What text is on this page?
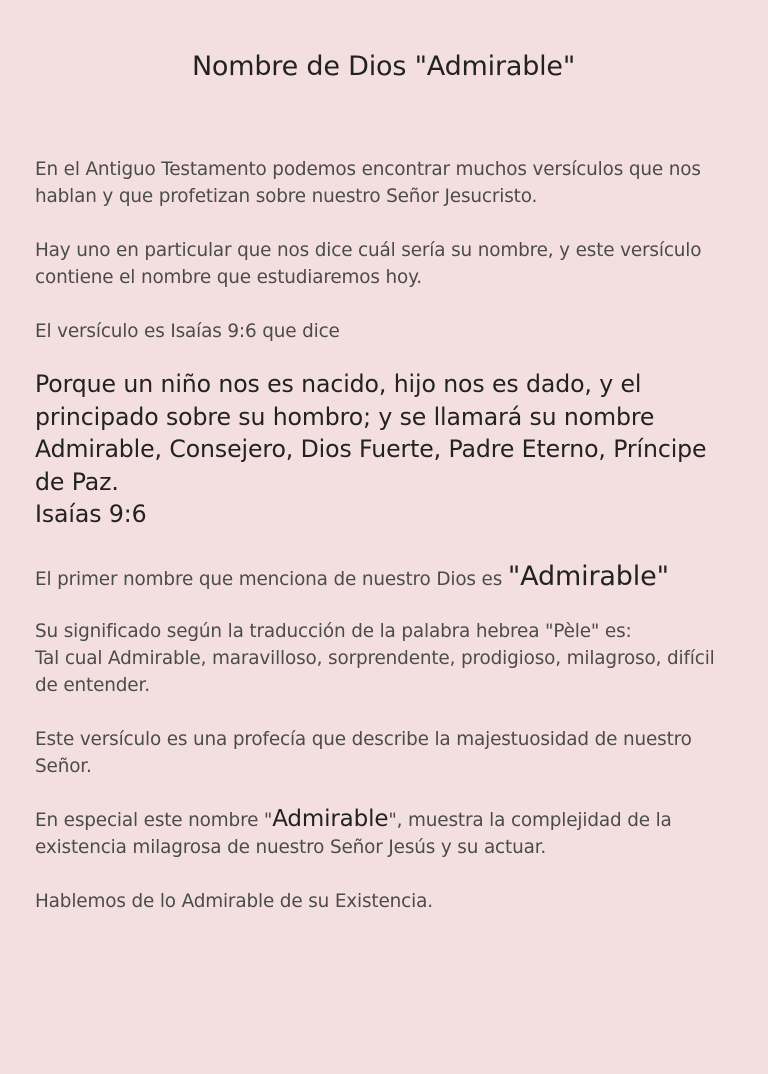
Nombre de Dios "Admirable"

En el Antiguo Testamento podemos encontrar muchos versículos que nos hablan y que profetizan sobre nuestro Señor Jesucristo.

Hay uno en particular que nos dice cuál sería su nombre, y este versículo contiene el nombre que estudiaremos hoy.

El versículo es Isaías 9:6 que dice

Porque un niño nos es nacido, hijo nos es dado, y el principado sobre su hombro; y se llamará su nombre Admirable, Consejero, Dios Fuerte, Padre Eterno, Príncipe de Paz.
Isaías 9:6

El primer nombre que menciona de nuestro Dios es "Admirable"

Su significado según la traducción de la palabra hebrea "Pèle" es:
Tal cual Admirable, maravilloso, sorprendente, prodigioso, milagroso, difícil de entender.

Este versículo es una profecía que describe la majestuosidad de nuestro Señor.

En especial este nombre "Admirable", muestra la complejidad de la existencia milagrosa de nuestro Señor Jesús y su actuar.

Hablemos de lo Admirable de su Existencia.
